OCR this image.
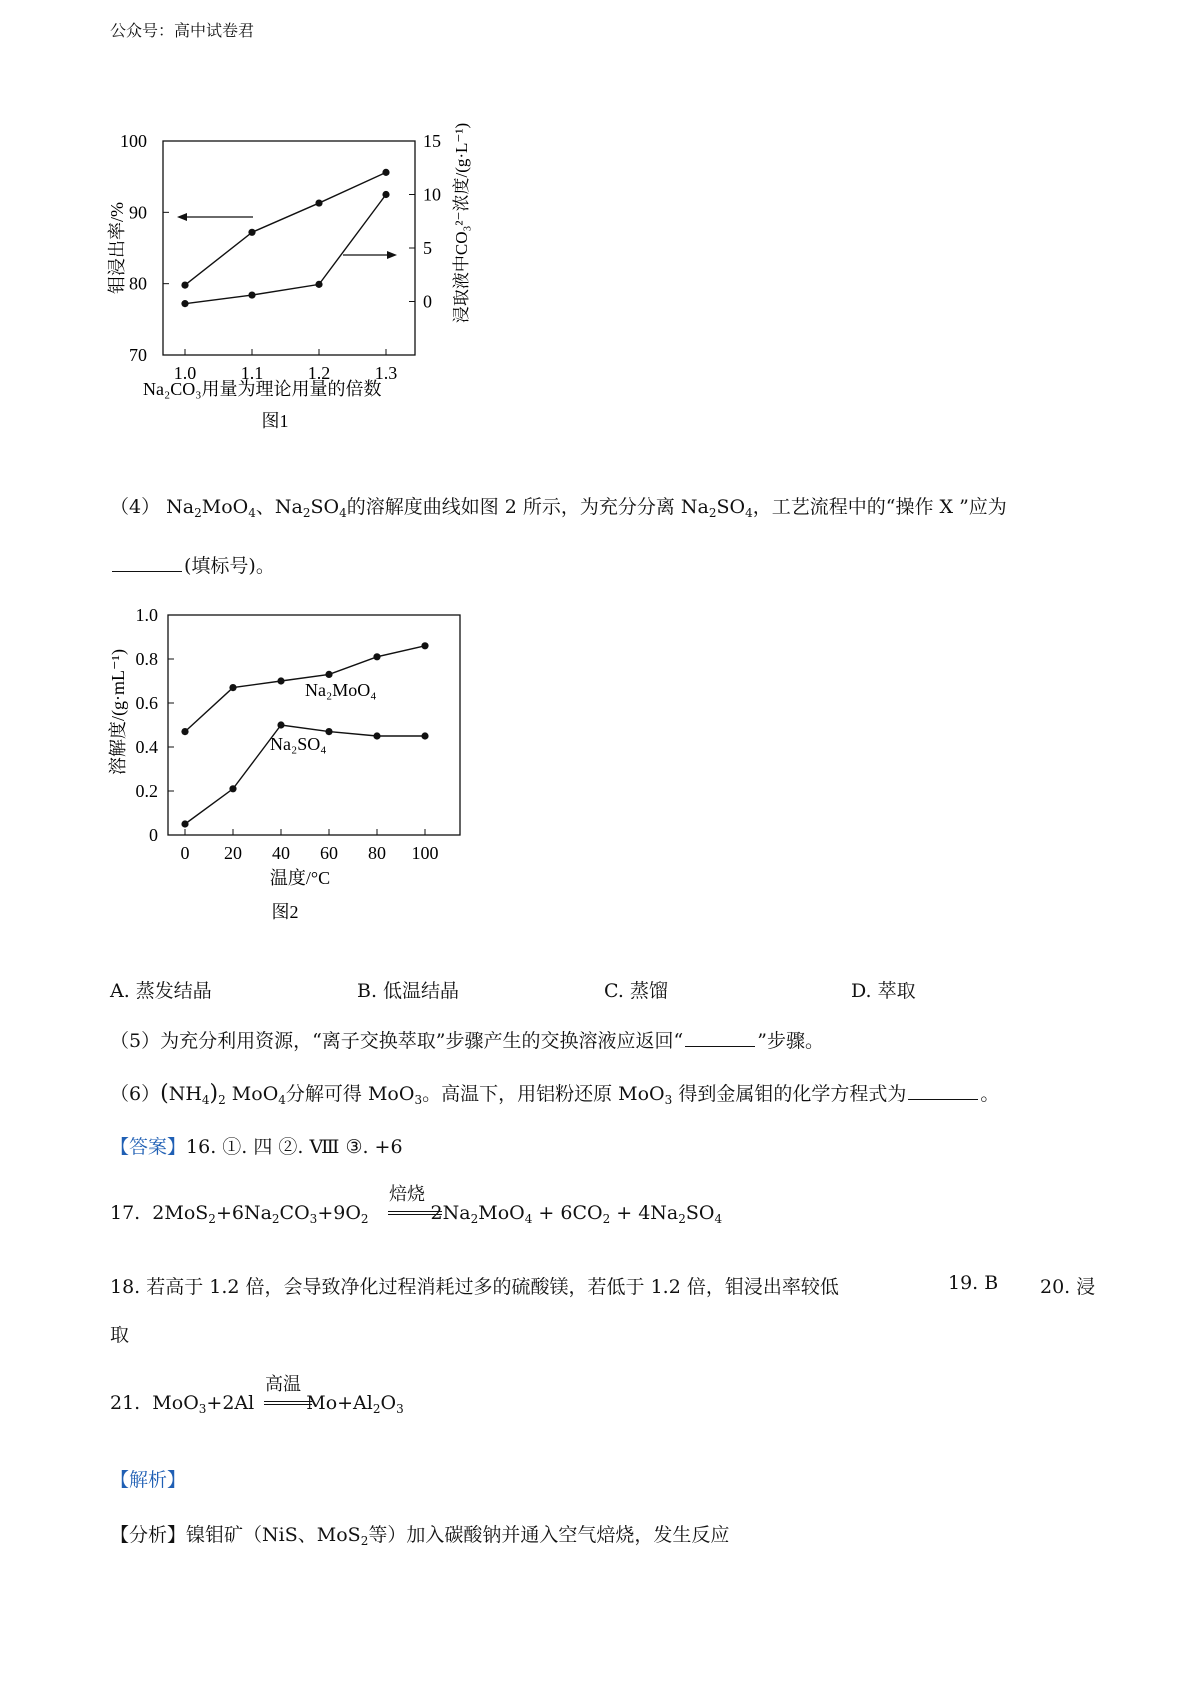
公众号：高中试卷君
100
90
80
70
15
10
5
0
1.0 1.1 1.2 1.3
钼浸出率/%	浸取液中CO₃²⁻浓度/(g·L⁻¹)
Na₂CO₃用量为理论用量的倍数
图1
（4） $Na_2MoO_4$、$Na_2SO_4$的溶解度曲线如图 2 所示，为充分分离 $Na_2SO_4$，工艺流程中的“操作 X ”应为
(填标号)。
1.0
0.8
0.6
0.4
0.2
0
0 20 40 60 80 100
Na₂MoO₄
Na₂SO₄
溶解度/(g·mL⁻¹)
温度/°C
图2
A. 蒸发结晶	B. 低温结晶	C. 蒸馏	D. 萃取
（5）为充分利用资源，“离子交换萃取”步骤产生的交换溶液应返回“	”步骤。
$(6)(NH_4)_2$ MoO$_4$分解可得 MoO$_3$。高温下，用铝粉还原 MoO$_3$ 得到金属钼的化学方程式为	。
【答案】16. ①. 四 ②. Ⅷ ③. +6
17.  $2MoS_2+6Na_2CO_3+9O_2$	$2Na_2MoO_4 + 6CO_2 + 4Na_2SO_4$
焙烧
18. 若高于 1.2 倍，会导致净化过程消耗过多的硫酸镁，若低于 1.2 倍，钼浸出率较低	19. B 20. 浸
取
21.  MoO$_3$+2Al	$Mo+Al_2O_3$
高温
【解析】
【分析】镍钼矿（NiS、MoS$_2$等）加入碳酸钠并通入空气焙烧，发生反应
